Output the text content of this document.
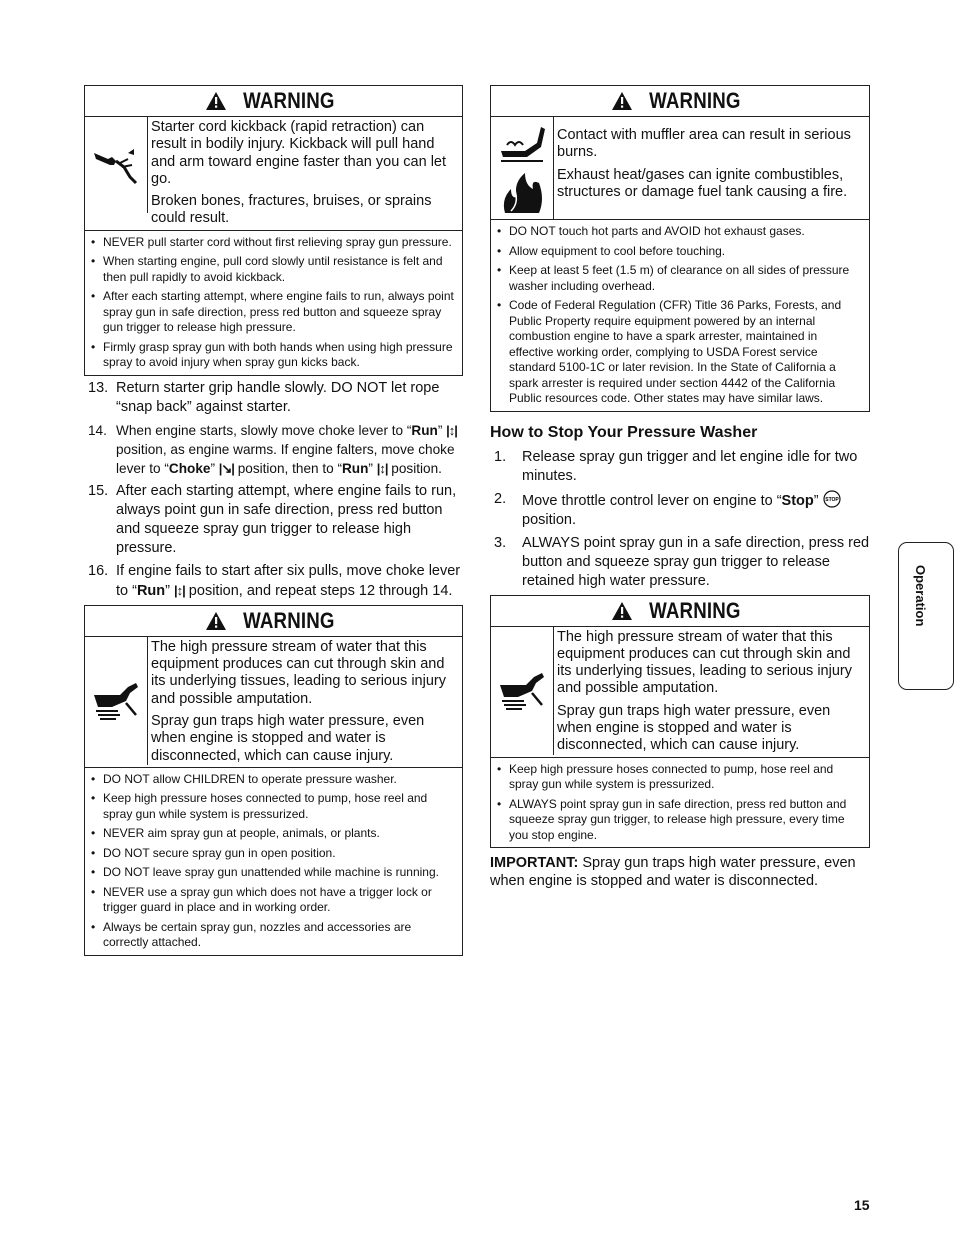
WARNING

Starter cord kickback (rapid retraction) can result in bodily injury. Kickback will pull hand and arm toward engine faster than you can let go.

Broken bones, fractures, bruises, or sprains could result.

• NEVER pull starter cord without first relieving spray gun pressure.
• When starting engine, pull cord slowly until resistance is felt and then pull rapidly to avoid kickback.
• After each starting attempt, where engine fails to run, always point spray gun in safe direction, press red button and squeeze spray gun trigger to release high pressure.
• Firmly grasp spray gun with both hands when using high pressure spray to avoid injury when spray gun kicks back.
13. Return starter grip handle slowly. DO NOT let rope “snap back” against starter.
14. When engine starts, slowly move choke lever to “Run” |↕| position, as engine warms. If engine falters, move choke lever to “Choke” |↘| position, then to “Run” |↕| position.
15. After each starting attempt, where engine fails to run, always point gun in safe direction, press red button and squeeze spray gun trigger to release high pressure.
16. If engine fails to start after six pulls, move choke lever to “Run” |↕| position, and repeat steps 12 through 14.
WARNING

The high pressure stream of water that this equipment produces can cut through skin and its underlying tissues, leading to serious injury and possible amputation.

Spray gun traps high water pressure, even when engine is stopped and water is disconnected, which can cause injury.

• DO NOT allow CHILDREN to operate pressure washer.
• Keep high pressure hoses connected to pump, hose reel and spray gun while system is pressurized.
• NEVER aim spray gun at people, animals, or plants.
• DO NOT secure spray gun in open position.
• DO NOT leave spray gun unattended while machine is running.
• NEVER use a spray gun which does not have a trigger lock or trigger guard in place and in working order.
• Always be certain spray gun, nozzles and accessories are correctly attached.
WARNING

Contact with muffler area can result in serious burns.

Exhaust heat/gases can ignite combustibles, structures or damage fuel tank causing a fire.

• DO NOT touch hot parts and AVOID hot exhaust gases.
• Allow equipment to cool before touching.
• Keep at least 5 feet (1.5 m) of clearance on all sides of pressure washer including overhead.
• Code of Federal Regulation (CFR) Title 36 Parks, Forests, and Public Property require equipment powered by an internal combustion engine to have a spark arrester, maintained in effective working order, complying to USDA Forest service standard 5100-1C or later revision. In the State of California a spark arrester is required under section 4442 of the California Public resources code. Other states may have similar laws.
How to Stop Your Pressure Washer
1. Release spray gun trigger and let engine idle for two minutes.
2. Move throttle control lever on engine to “Stop” STOP

position.
3. ALWAYS point spray gun in a safe direction, press red button and squeeze spray gun trigger to release retained high water pressure.
WARNING

The high pressure stream of water that this equipment produces can cut through skin and its underlying tissues, leading to serious injury and possible amputation.

Spray gun traps high water pressure, even when engine is stopped and water is disconnected, which can cause injury.

• Keep high pressure hoses connected to pump, hose reel and spray gun while system is pressurized.
• ALWAYS point spray gun in safe direction, press red button and squeeze spray gun trigger, to release high pressure, every time you stop engine.

IMPORTANT: Spray gun traps high water pressure, even when engine is stopped and water is disconnected.

Operation
15
